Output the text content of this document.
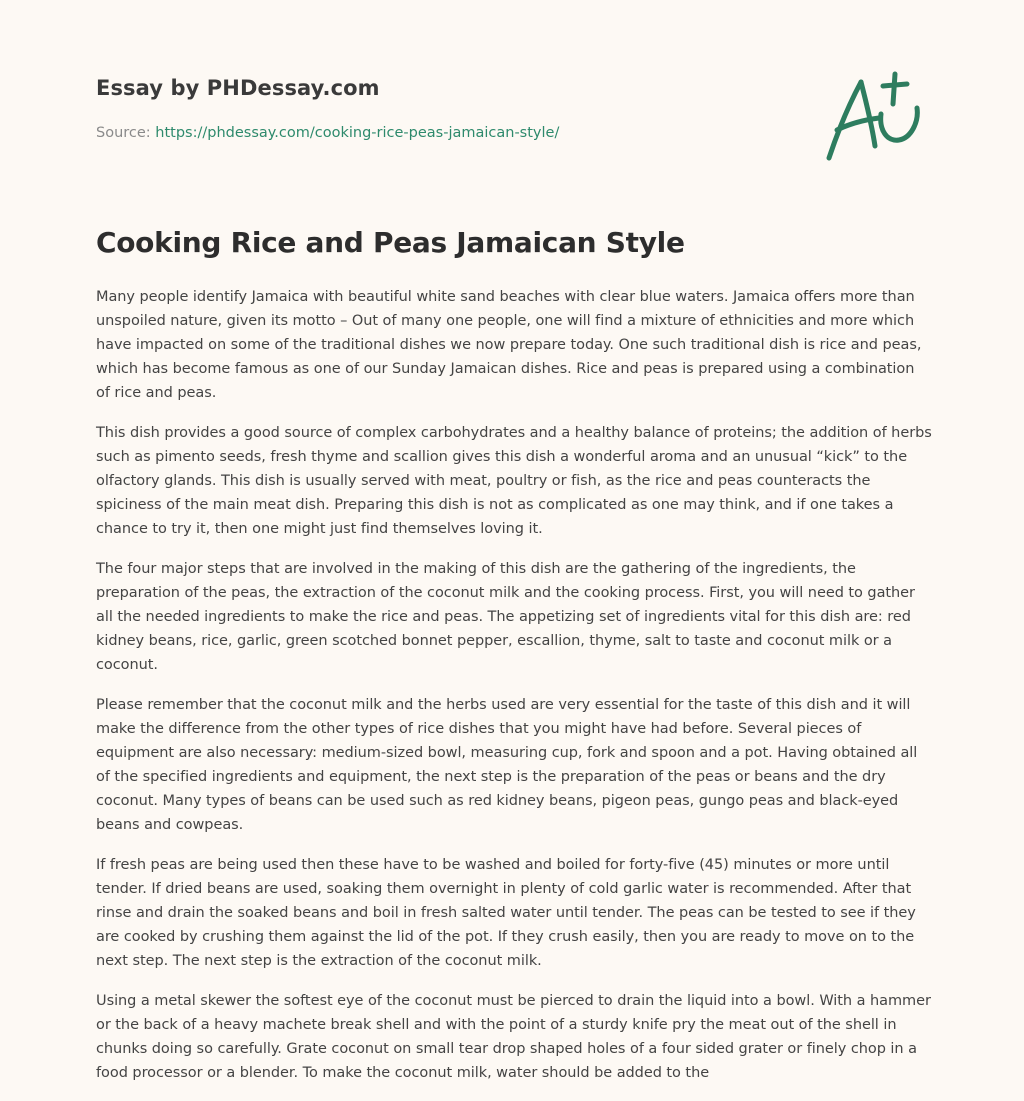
Essay by PHDessay.com
Source: https://phdessay.com/cooking-rice-peas-jamaican-style/
Cooking Rice and Peas Jamaican Style

Many people identify Jamaica with beautiful white sand beaches with clear blue waters. Jamaica offers more than unspoiled nature, given its motto – Out of many one people, one will find a mixture of ethnicities and more which have impacted on some of the traditional dishes we now prepare today. One such traditional dish is rice and peas, which has become famous as one of our Sunday Jamaican dishes. Rice and peas is prepared using a combination of rice and peas.

This dish provides a good source of complex carbohydrates and a healthy balance of proteins; the addition of herbs such as pimento seeds, fresh thyme and scallion gives this dish a wonderful aroma and an unusual “kick” to the olfactory glands. This dish is usually served with meat, poultry or fish, as the rice and peas counteracts the spiciness of the main meat dish. Preparing this dish is not as complicated as one may think, and if one takes a chance to try it, then one might just find themselves loving it.

The four major steps that are involved in the making of this dish are the gathering of the ingredients, the preparation of the peas, the extraction of the coconut milk and the cooking process. First, you will need to gather all the needed ingredients to make the rice and peas. The appetizing set of ingredients vital for this dish are: red kidney beans, rice, garlic, green scotched bonnet pepper, escallion, thyme, salt to taste and coconut milk or a coconut.

Please remember that the coconut milk and the herbs used are very essential for the taste of this dish and it will make the difference from the other types of rice dishes that you might have had before. Several pieces of equipment are also necessary: medium-sized bowl, measuring cup, fork and spoon and a pot. Having obtained all of the specified ingredients and equipment, the next step is the preparation of the peas or beans and the dry coconut. Many types of beans can be used such as red kidney beans, pigeon peas, gungo peas and black-eyed beans and cowpeas.

If fresh peas are being used then these have to be washed and boiled for forty-five (45) minutes or more until tender. If dried beans are used, soaking them overnight in plenty of cold garlic water is recommended. After that rinse and drain the soaked beans and boil in fresh salted water until tender. The peas can be tested to see if they are cooked by crushing them against the lid of the pot. If they crush easily, then you are ready to move on to the next step. The next step is the extraction of the coconut milk.

Using a metal skewer the softest eye of the coconut must be pierced to drain the liquid into a bowl. With a hammer or the back of a heavy machete break shell and with the point of a sturdy knife pry the meat out of the shell in chunks doing so carefully. Grate coconut on small tear drop shaped holes of a four sided grater or finely chop in a food processor or a blender. To make the coconut milk, water should be added to the
